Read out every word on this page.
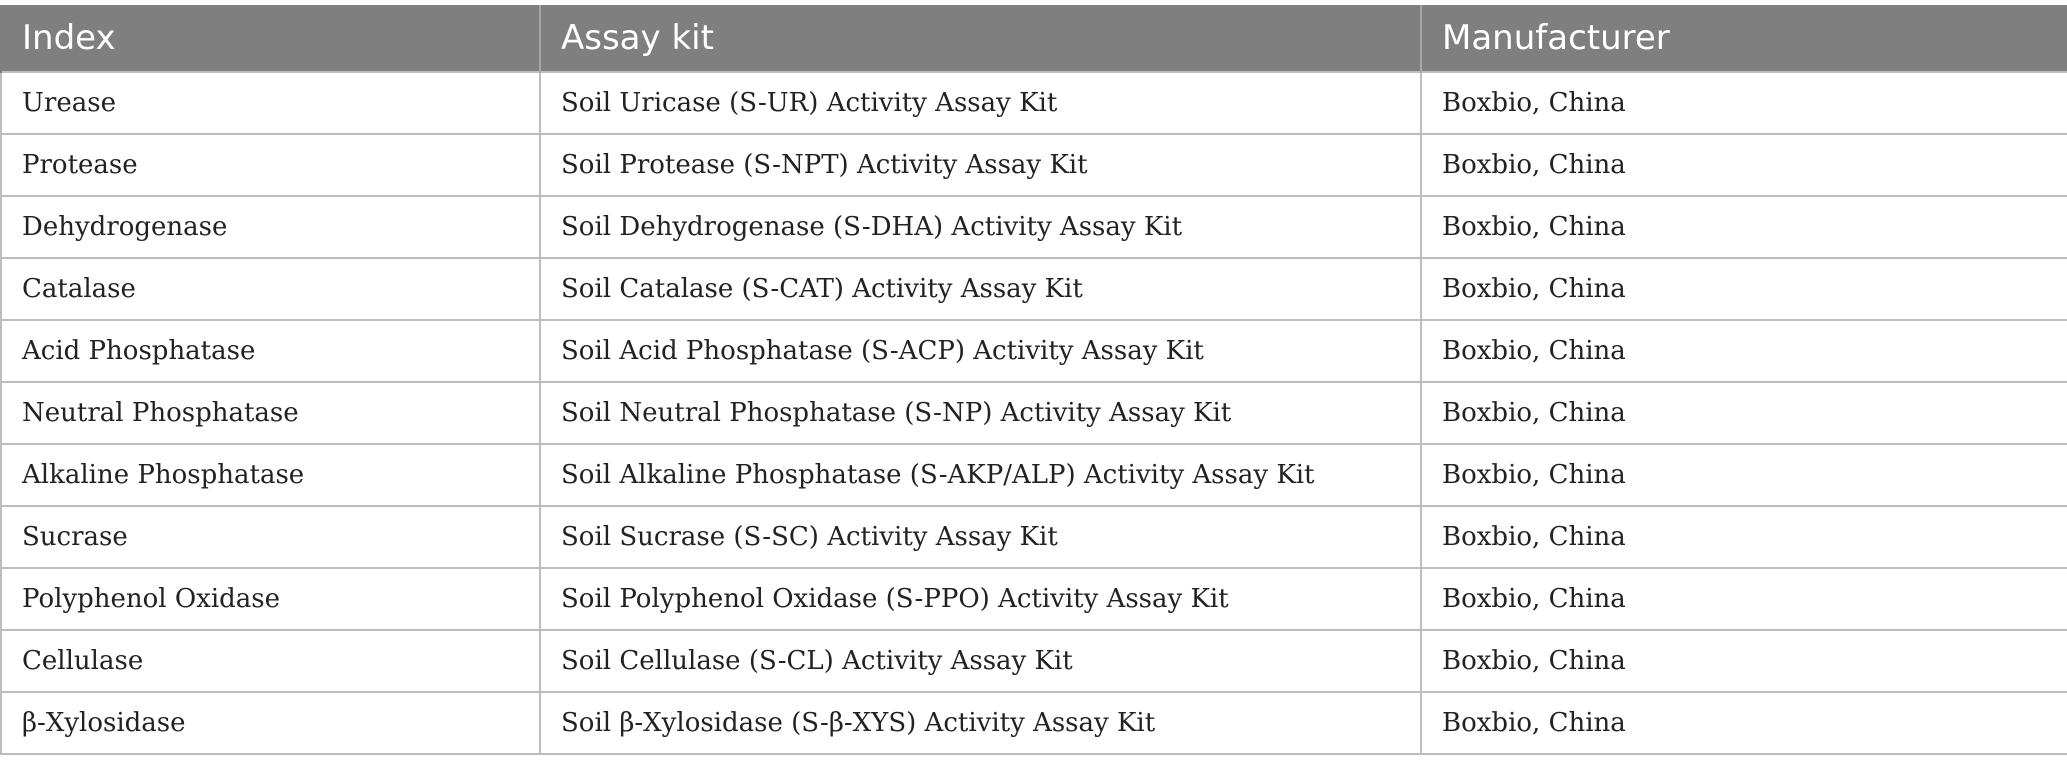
Index	Assay kit	Manufacturer
Urease	Soil Uricase (S-UR) Activity Assay Kit	Boxbio, China
Protease	Soil Protease (S-NPT) Activity Assay Kit	Boxbio, China
Dehydrogenase	Soil Dehydrogenase (S-DHA) Activity Assay Kit	Boxbio, China
Catalase	Soil Catalase (S-CAT) Activity Assay Kit	Boxbio, China
Acid Phosphatase	Soil Acid Phosphatase (S-ACP) Activity Assay Kit	Boxbio, China
Neutral Phosphatase	Soil Neutral Phosphatase (S-NP) Activity Assay Kit	Boxbio, China
Alkaline Phosphatase	Soil Alkaline Phosphatase (S-AKP/ALP) Activity Assay Kit	Boxbio, China
Sucrase	Soil Sucrase (S-SC) Activity Assay Kit	Boxbio, China
Polyphenol Oxidase	Soil Polyphenol Oxidase (S-PPO) Activity Assay Kit	Boxbio, China
Cellulase	Soil Cellulase (S-CL) Activity Assay Kit	Boxbio, China
β-Xylosidase	Soil β-Xylosidase (S-β-XYS) Activity Assay Kit	Boxbio, China
